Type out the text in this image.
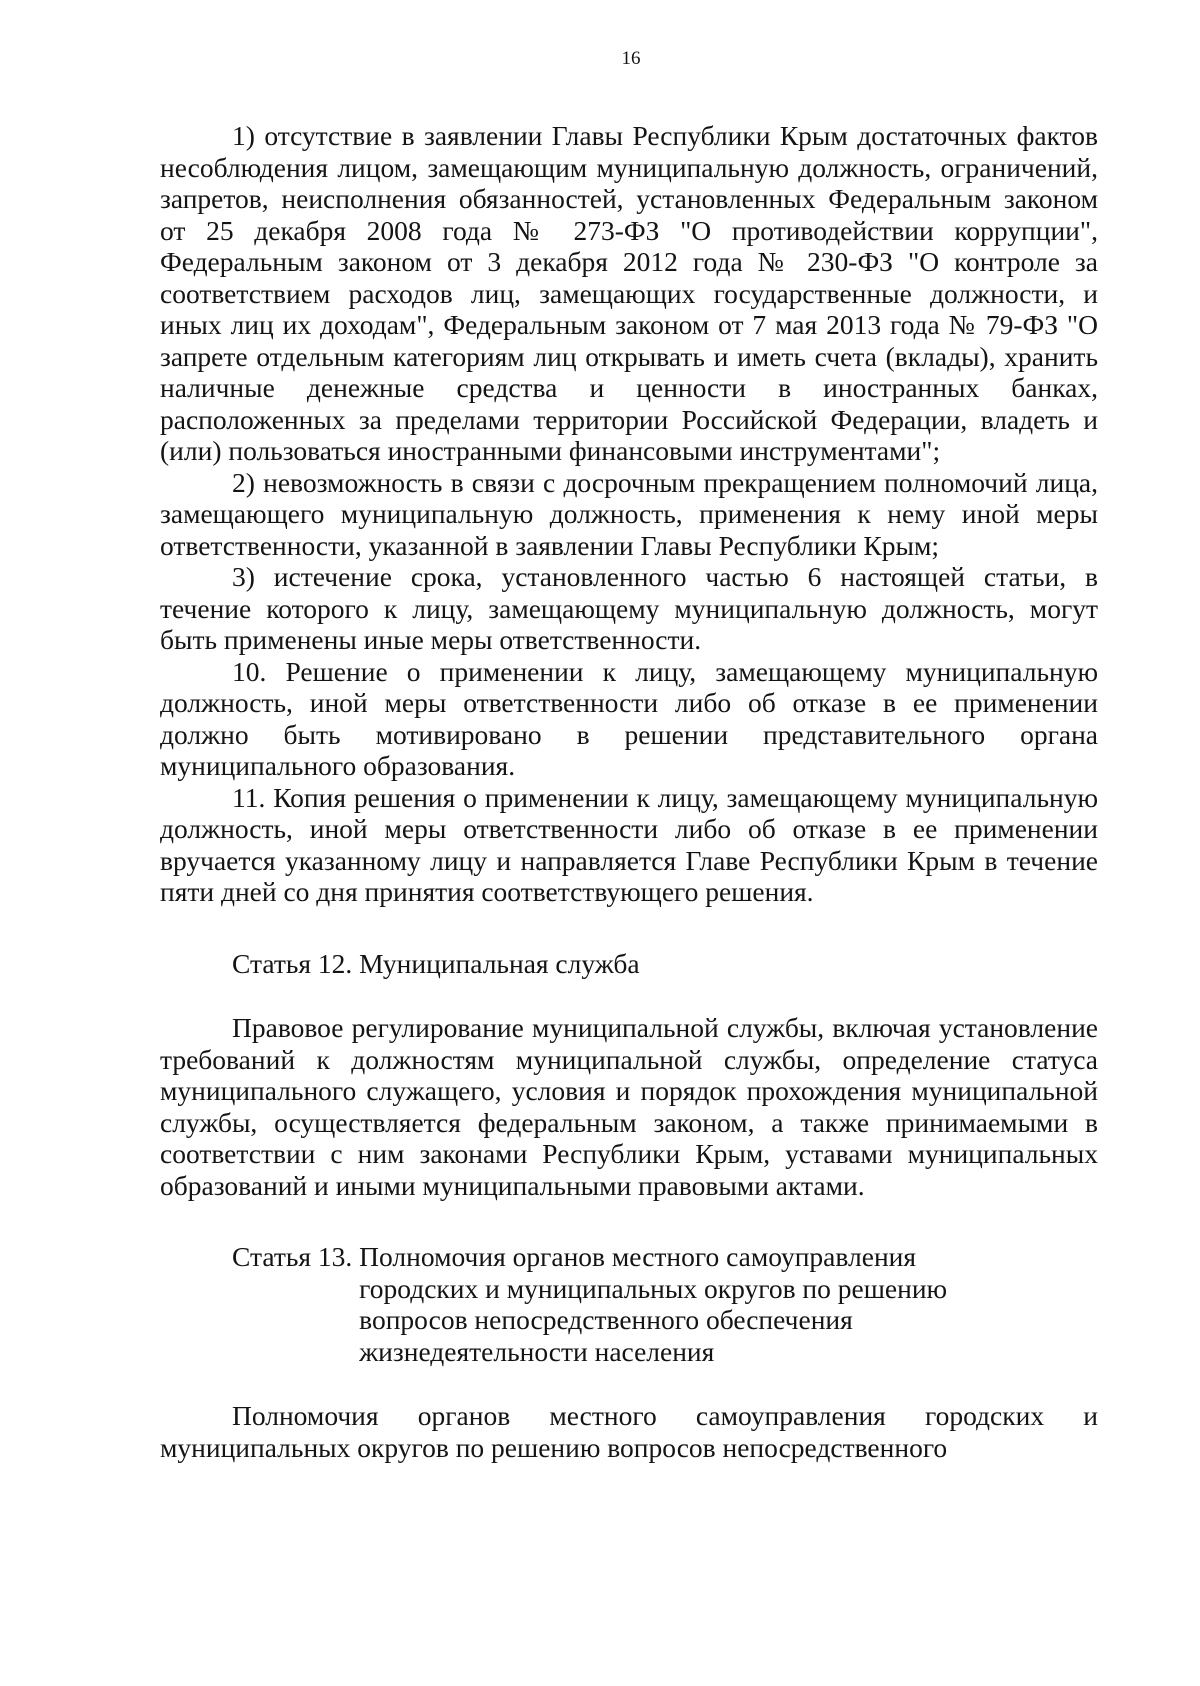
16

1) отсутствие в заявлении Главы Республики Крым достаточных фактов несоблюдения лицом, замещающим муниципальную должность, ограничений, запретов, неисполнения обязанностей, установленных Федеральным законом от 25 декабря 2008 года № 273-ФЗ "О противодействии коррупции", Федеральным законом от 3 декабря 2012 года № 230-ФЗ "О контроле за соответствием расходов лиц, замещающих государственные должности, и иных лиц их доходам", Федеральным законом от 7 мая 2013 года № 79-ФЗ "О запрете отдельным категориям лиц открывать и иметь счета (вклады), хранить наличные денежные средства и ценности в иностранных банках, расположенных за пределами территории Российской Федерации, владеть и (или) пользоваться иностранными финансовыми инструментами";

2) невозможность в связи с досрочным прекращением полномочий лица, замещающего муниципальную должность, применения к нему иной меры ответственности, указанной в заявлении Главы Республики Крым;

3) истечение срока, установленного частью 6 настоящей статьи, в течение которого к лицу, замещающему муниципальную должность, могут быть применены иные меры ответственности.

10. Решение о применении к лицу, замещающему муниципальную должность, иной меры ответственности либо об отказе в ее применении должно быть мотивировано в решении представительного органа муниципального образования.

11. Копия решения о применении к лицу, замещающему муниципальную должность, иной меры ответственности либо об отказе в ее применении вручается указанному лицу и направляется Главе Республики Крым в течение пяти дней со дня принятия соответствующего решения.

Статья 12. Муниципальная служба

Правовое регулирование муниципальной службы, включая установление требований к должностям муниципальной службы, определение статуса муниципального служащего, условия и порядок прохождения муниципальной службы, осуществляется федеральным законом, а также принимаемыми в соответствии с ним законами Республики Крым, уставами муниципальных образований и иными муниципальными правовыми актами.

Статья 13. Полномочия органов местного самоуправления
городских и муниципальных округов по решению
вопросов непосредственного обеспечения
жизнедеятельности населения

Полномочия органов местного самоуправления городских и муниципальных округов по решению вопросов непосредственного
